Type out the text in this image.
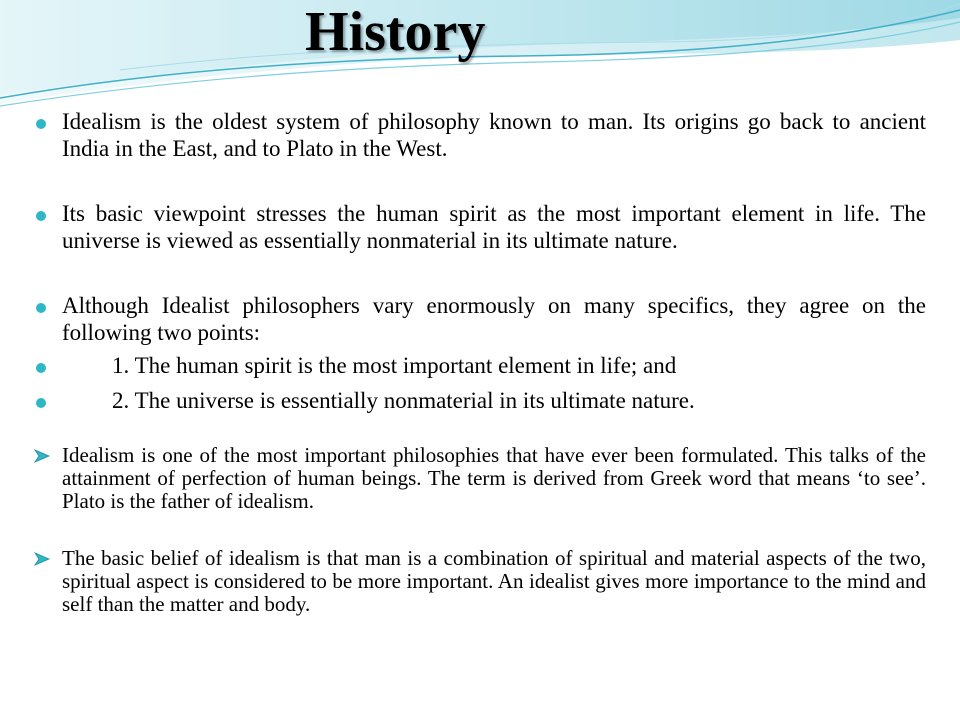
History
Idealism is the oldest system of philosophy known to man. Its origins go back to ancient India in the East, and to Plato in the West.
Its basic viewpoint stresses the human spirit as the most important element in life. The universe is viewed as essentially nonmaterial in its ultimate nature.
Although Idealist philosophers vary enormously on many specifics, they agree on the following two points:
1. The human spirit is the most important element in life; and
2. The universe is essentially nonmaterial in its ultimate nature.
Idealism is one of the most important philosophies that have ever been formulated. This talks of the attainment of perfection of human beings. The term is derived from Greek word that means ‘to see’. Plato is the father of idealism.
The basic belief of idealism is that man is a combination of spiritual and material aspects of the two, spiritual aspect is considered to be more important. An idealist gives more importance to the mind and self than the matter and body.
